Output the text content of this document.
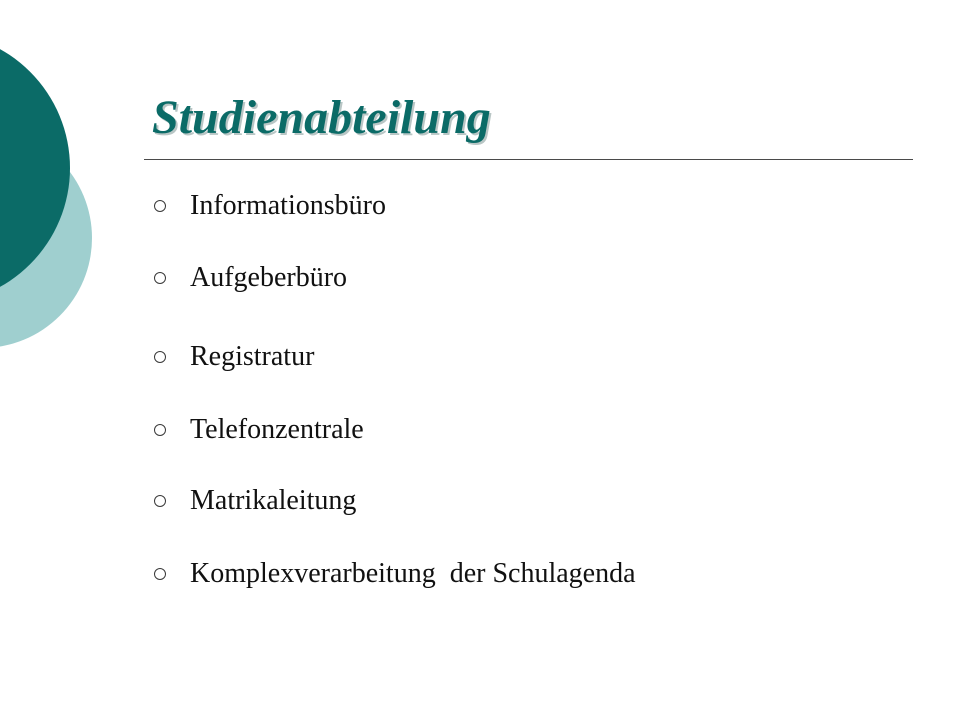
Studienabteilung
Informationsbüro
Aufgeberbüro
Registratur
Telefonzentrale
Matrikaleitung
Komplexverarbeitung  der Schulagenda
